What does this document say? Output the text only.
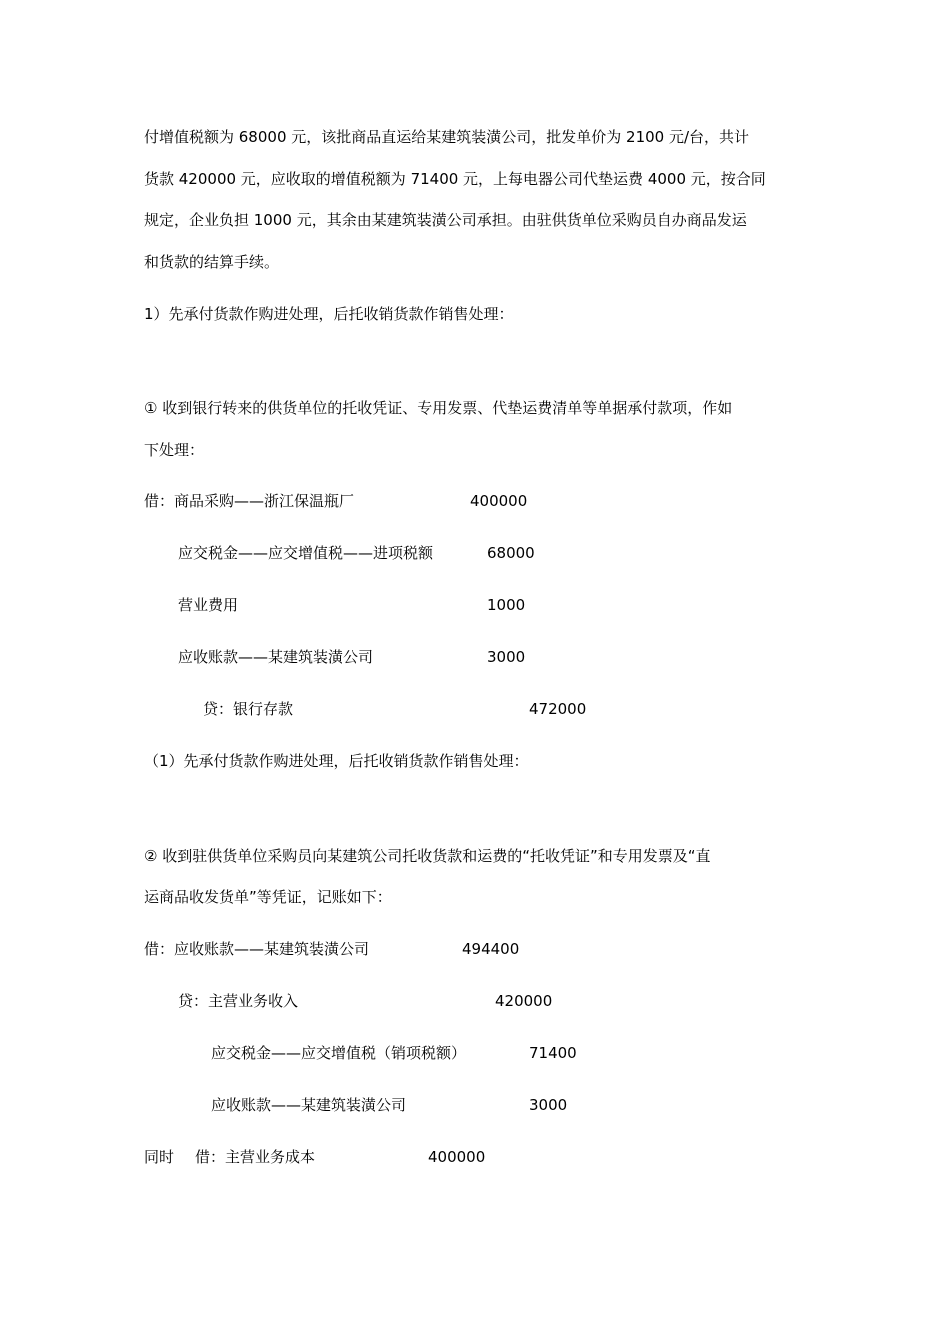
付增值税额为 68000 元，该批商品直运给某建筑装潢公司，批发单价为 2100 元/台，共计
货款 420000 元，应收取的增值税额为 71400 元，上每电器公司代垫运费 4000 元，按合同
规定，企业负担 1000 元，其余由某建筑装潢公司承担。由驻供货单位采购员自办商品发运
和货款的结算手续。
1）先承付货款作购进处理，后托收销货款作销售处理：
① 收到银行转来的供货单位的托收凭证、专用发票、代垫运费清单等单据承付款项，作如
下处理：
借：商品采购——浙江保温瓶厂	400000
应交税金——应交增值税——进项税额	68000
营业费用	1000
应收账款——某建筑装潢公司	3000
贷：银行存款	472000
（1）先承付货款作购进处理，后托收销货款作销售处理：
② 收到驻供货单位采购员向某建筑公司托收货款和运费的“托收凭证”和专用发票及“直
运商品收发货单”等凭证，记账如下：
借：应收账款——某建筑装潢公司	494400
贷：主营业务收入	420000
应交税金——应交增值税（销项税额）	71400
应收账款——某建筑装潢公司	3000
同时 借：主营业务成本	400000
